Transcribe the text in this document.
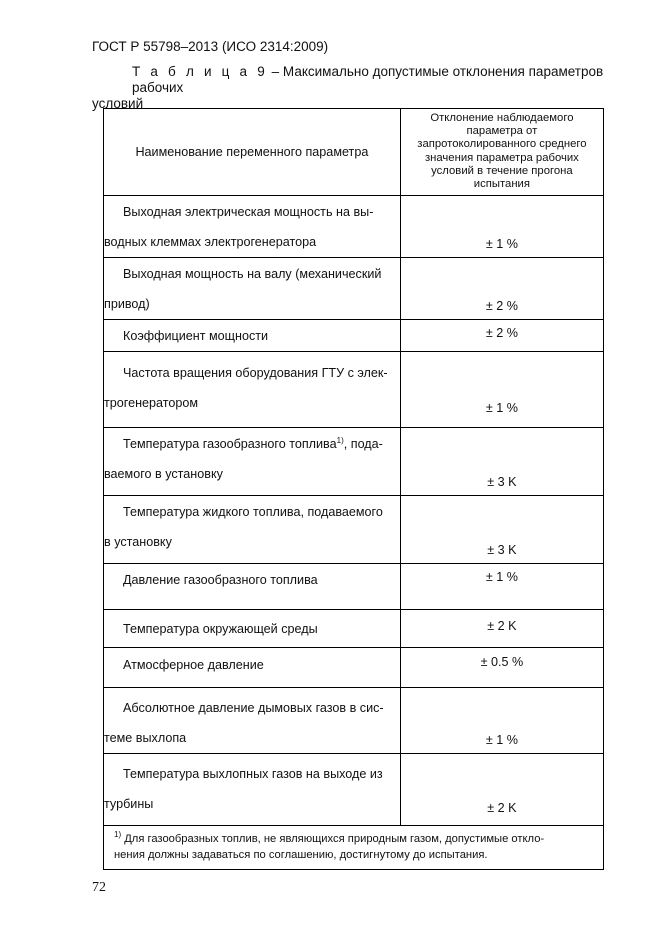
ГОСТ Р 55798–2013 (ИСО 2314:2009)
Т а б л и ц а 9 – Максимально допустимые отклонения параметров рабочих
условий
Наименование переменного параметра	Отклонение наблюдаемого параметра от запротоколированного среднего значения параметра рабочих условий в течение прогона испытания

Выходная электрическая мощность на вы-
водных клеммах электрогенератора	± 1 %

Выходная мощность на валу (механический
привод)	± 2 %

Коэффициент мощности	± 2 %

Частота вращения оборудования ГТУ с элек-
трогенератором	± 1 %

Температура газообразного топлива$^{1)}$, пода-
ваемого в установку	± 3 K

Температура жидкого топлива, подаваемого
в установку	± 3 K

Давление газообразного топлива	± 1 %

Температура окружающей среды	± 2 K

Атмосферное давление	± 0.5 %

Абсолютное давление дымовых газов в сис-
теме выхлопа	± 1 %

Температура выхлопных газов на выходе из
турбины	± 2 K

$^{1)}$ Для газообразных топлив, не являющихся природным газом, допустимые откло-
нения должны задаваться по соглашению, достигнутому до испытания.	
72
